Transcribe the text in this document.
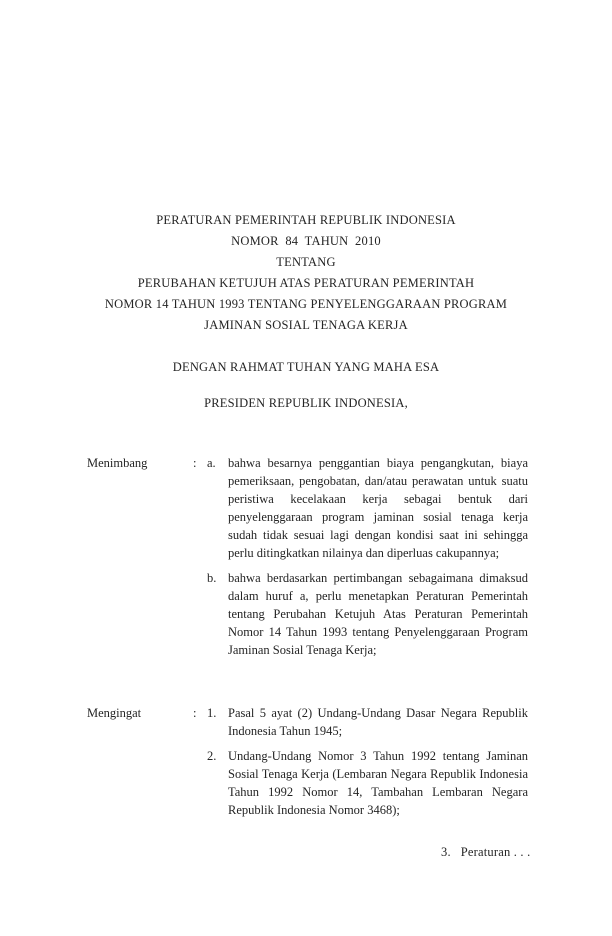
PERATURAN PEMERINTAH REPUBLIK INDONESIA
NOMOR  84  TAHUN  2010
TENTANG
PERUBAHAN KETUJUH ATAS PERATURAN PEMERINTAH
NOMOR 14 TAHUN 1993 TENTANG PENYELENGGARAAN PROGRAM
JAMINAN SOSIAL TENAGA KERJA
DENGAN RAHMAT TUHAN YANG MAHA ESA
PRESIDEN REPUBLIK INDONESIA,
Menimbang	: a. bahwa besarnya penggantian biaya pengangkutan, biaya pemeriksaan, pengobatan, dan/atau perawatan untuk suatu peristiwa kecelakaan kerja sebagai bentuk dari penyelenggaraan program jaminan sosial tenaga kerja sudah tidak sesuai lagi dengan kondisi saat ini sehingga perlu ditingkatkan nilainya dan diperluas cakupannya;
b. bahwa berdasarkan pertimbangan sebagaimana dimaksud dalam huruf a, perlu menetapkan Peraturan Pemerintah tentang Perubahan Ketujuh Atas Peraturan Pemerintah Nomor 14 Tahun 1993 tentang Penyelenggaraan Program Jaminan Sosial Tenaga Kerja;
Mengingat	: 1. Pasal 5 ayat (2) Undang-Undang Dasar Negara Republik Indonesia Tahun 1945;
2. Undang-Undang Nomor 3 Tahun 1992 tentang Jaminan Sosial Tenaga Kerja (Lembaran Negara Republik Indonesia Tahun 1992 Nomor 14, Tambahan Lembaran Negara Republik Indonesia Nomor 3468);
3.   Peraturan . . .
